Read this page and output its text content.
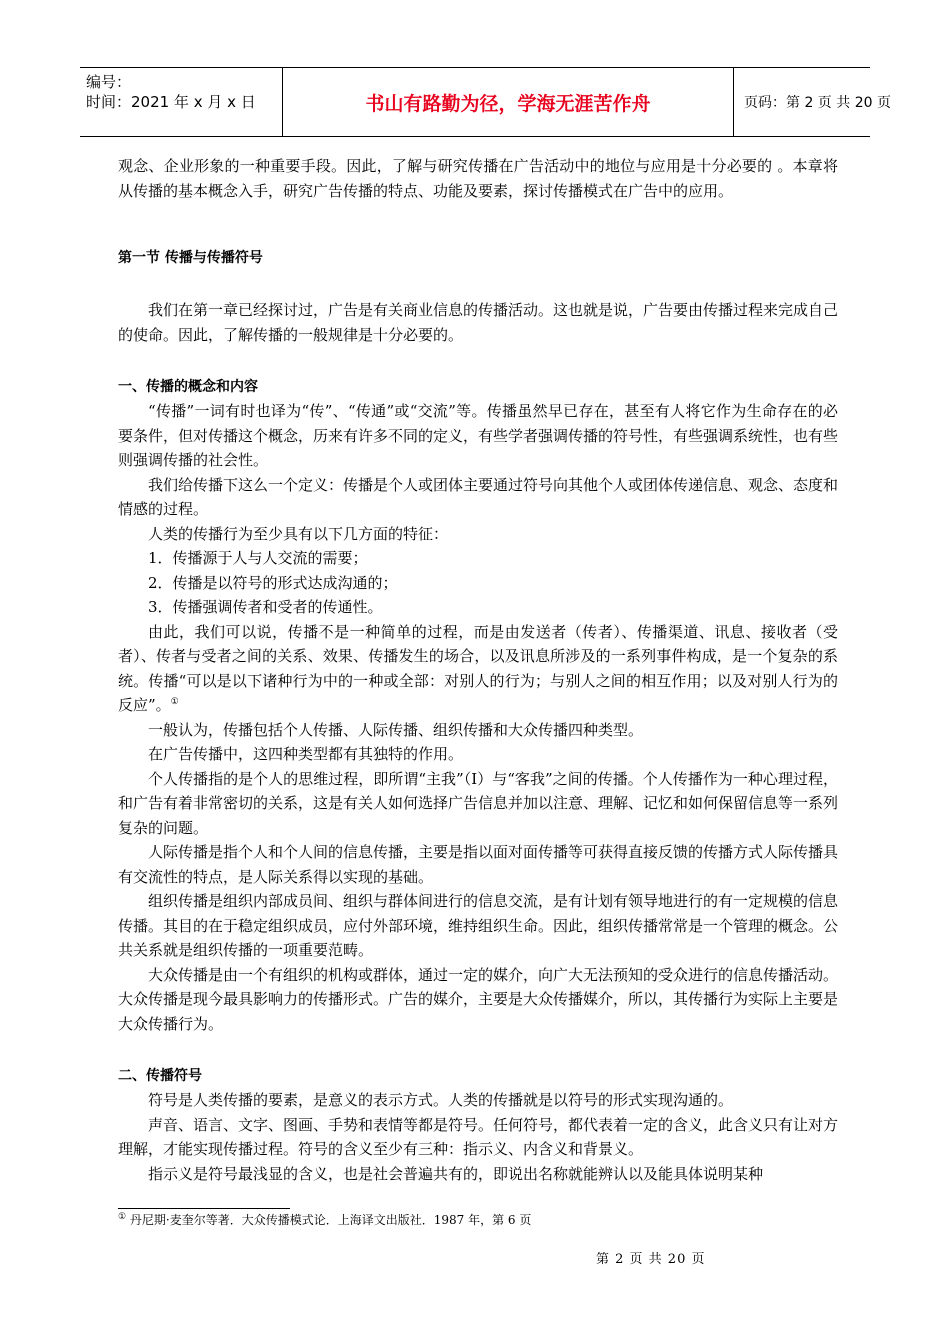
编号：
时间：2021 年 x 月 x 日	书山有路勤为径，学海无涯苦作舟	页码：第 2 页 共 20 页

观念、企业形象的一种重要手段。因此，了解与研究传播在广告活动中的地位与应用是十分必要的 。本章将从传播的基本概念入手，研究广告传播的特点、功能及要素，探讨传播模式在广告中的应用。

第一节 传播与传播符号

我们在第一章已经探讨过，广告是有关商业信息的传播活动。这也就是说，广告要由传播过程来完成自己的使命。因此，了解传播的一般规律是十分必要的。

一、传播的概念和内容

“传播”一词有时也译为“传”、“传通”或“交流”等。传播虽然早已存在，甚至有人将它作为生命存在的必要条件，但对传播这个概念，历来有许多不同的定义，有些学者强调传播的符号性，有些强调系统性，也有些则强调传播的社会性。

我们给传播下这么一个定义：传播是个人或团体主要通过符号向其他个人或团体传递信息、观念、态度和情感的过程。

人类的传播行为至少具有以下几方面的特征：

1．传播源于人与人交流的需要；

2．传播是以符号的形式达成沟通的；

3．传播强调传者和受者的传通性。

由此，我们可以说，传播不是一种简单的过程，而是由发送者（传者）、传播渠道、讯息、接收者（受者）、传者与受者之间的关系、效果、传播发生的场合，以及讯息所涉及的一系列事件构成，是一个复杂的系统。传播“可以是以下诸种行为中的一种或全部：对别人的行为；与别人之间的相互作用；以及对别人行为的反应”。①

一般认为，传播包括个人传播、人际传播、组织传播和大众传播四种类型。

在广告传播中，这四种类型都有其独特的作用。

个人传播指的是个人的思维过程，即所谓“主我”（I）与“客我”之间的传播。个人传播作为一种心理过程，和广告有着非常密切的关系，这是有关人如何选择广告信息并加以注意、理解、记忆和如何保留信息等一系列复杂的问题。

人际传播是指个人和个人间的信息传播，主要是指以面对面传播等可获得直接反馈的传播方式人际传播具有交流性的特点，是人际关系得以实现的基础。

组织传播是组织内部成员间、组织与群体间进行的信息交流，是有计划有领导地进行的有一定规模的信息传播。其目的在于稳定组织成员，应付外部环境，维持组织生命。因此，组织传播常常是一个管理的概念。公共关系就是组织传播的一项重要范畴。

大众传播是由一个有组织的机构或群体，通过一定的媒介，向广大无法预知的受众进行的信息传播活动。大众传播是现今最具影响力的传播形式。广告的媒介，主要是大众传播媒介，所以，其传播行为实际上主要是大众传播行为。

二、传播符号

符号是人类传播的要素，是意义的表示方式。人类的传播就是以符号的形式实现沟通的。

声音、语言、文字、图画、手势和表情等都是符号。任何符号，都代表着一定的含义，此含义只有让对方理解，才能实现传播过程。符号的含义至少有三种：指示义、内含义和背景义。

指示义是符号最浅显的含义，也是社会普遍共有的，即说出名称就能辨认以及能具体说明某种

① 丹尼期·麦奎尔等著．大众传播模式论．上海译文出版社．1987 年，第 6 页
第 2 页 共 20 页
